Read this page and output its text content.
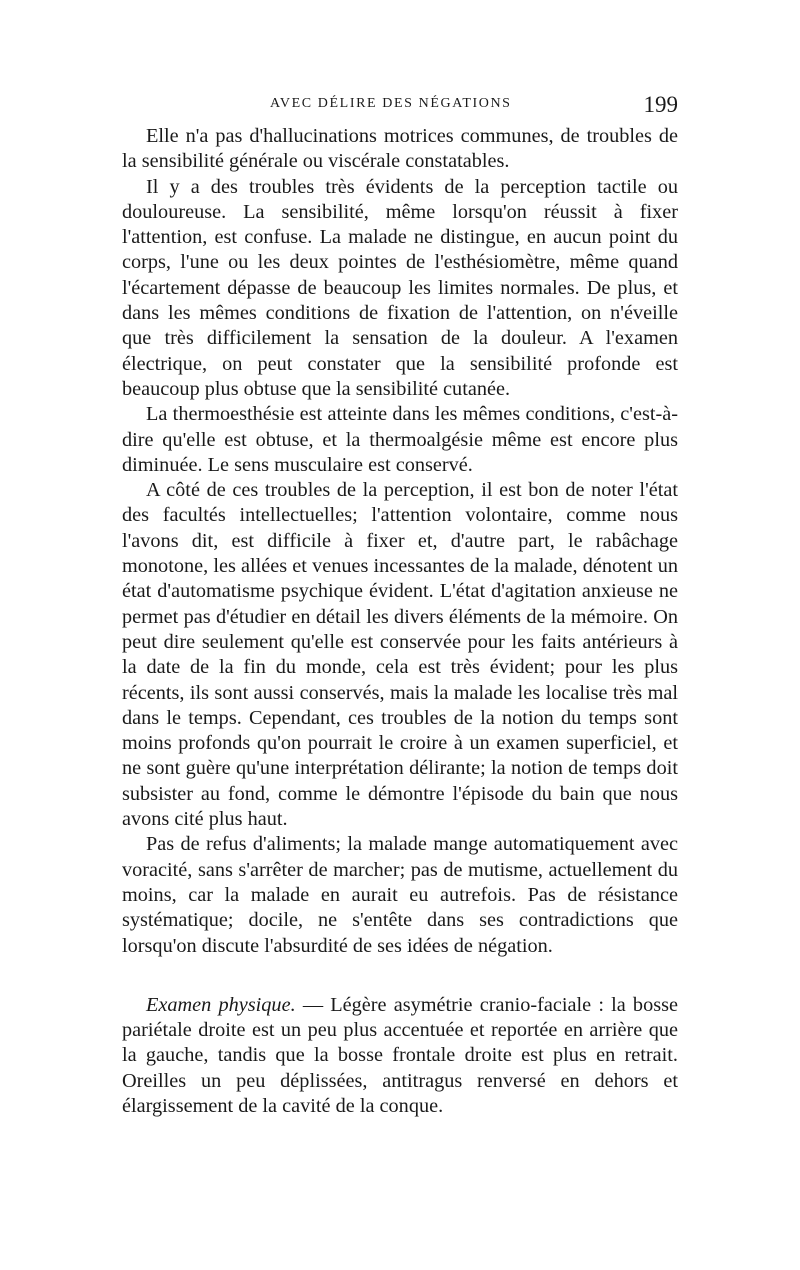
AVEC DÉLIRE DES NÉGATIONS	199

Elle n'a pas d'hallucinations motrices communes, de troubles de la sensibilité générale ou viscérale constatables.

Il y a des troubles très évidents de la perception tactile ou douloureuse. La sensibilité, même lorsqu'on réussit à fixer l'attention, est confuse. La malade ne distingue, en aucun point du corps, l'une ou les deux pointes de l'esthésiomètre, même quand l'écartement dépasse de beaucoup les limites normales. De plus, et dans les mêmes conditions de fixation de l'attention, on n'éveille que très difficilement la sensation de la douleur. A l'examen électrique, on peut constater que la sensibilité profonde est beaucoup plus obtuse que la sensibilité cutanée.

La thermoesthésie est atteinte dans les mêmes conditions, c'est-à-dire qu'elle est obtuse, et la thermoalgésie même est encore plus diminuée. Le sens musculaire est conservé.

A côté de ces troubles de la perception, il est bon de noter l'état des facultés intellectuelles; l'attention volontaire, comme nous l'avons dit, est difficile à fixer et, d'autre part, le rabâchage monotone, les allées et venues incessantes de la malade, dénotent un état d'automatisme psychique évident. L'état d'agitation anxieuse ne permet pas d'étudier en détail les divers éléments de la mémoire. On peut dire seulement qu'elle est conservée pour les faits antérieurs à la date de la fin du monde, cela est très évident; pour les plus récents, ils sont aussi conservés, mais la malade les localise très mal dans le temps. Cependant, ces troubles de la notion du temps sont moins profonds qu'on pourrait le croire à un examen superficiel, et ne sont guère qu'une interprétation délirante; la notion de temps doit subsister au fond, comme le démontre l'épisode du bain que nous avons cité plus haut.

Pas de refus d'aliments; la malade mange automatiquement avec voracité, sans s'arrêter de marcher; pas de mutisme, actuellement du moins, car la malade en aurait eu autrefois. Pas de résistance systématique; docile, ne s'entête dans ses contradictions que lorsqu'on discute l'absurdité de ses idées de négation.

Examen physique. — Légère asymétrie cranio-faciale : la bosse pariétale droite est un peu plus accentuée et reportée en arrière que la gauche, tandis que la bosse frontale droite est plus en retrait. Oreilles un peu déplissées, antitragus renversé en dehors et élargissement de la cavité de la conque.
